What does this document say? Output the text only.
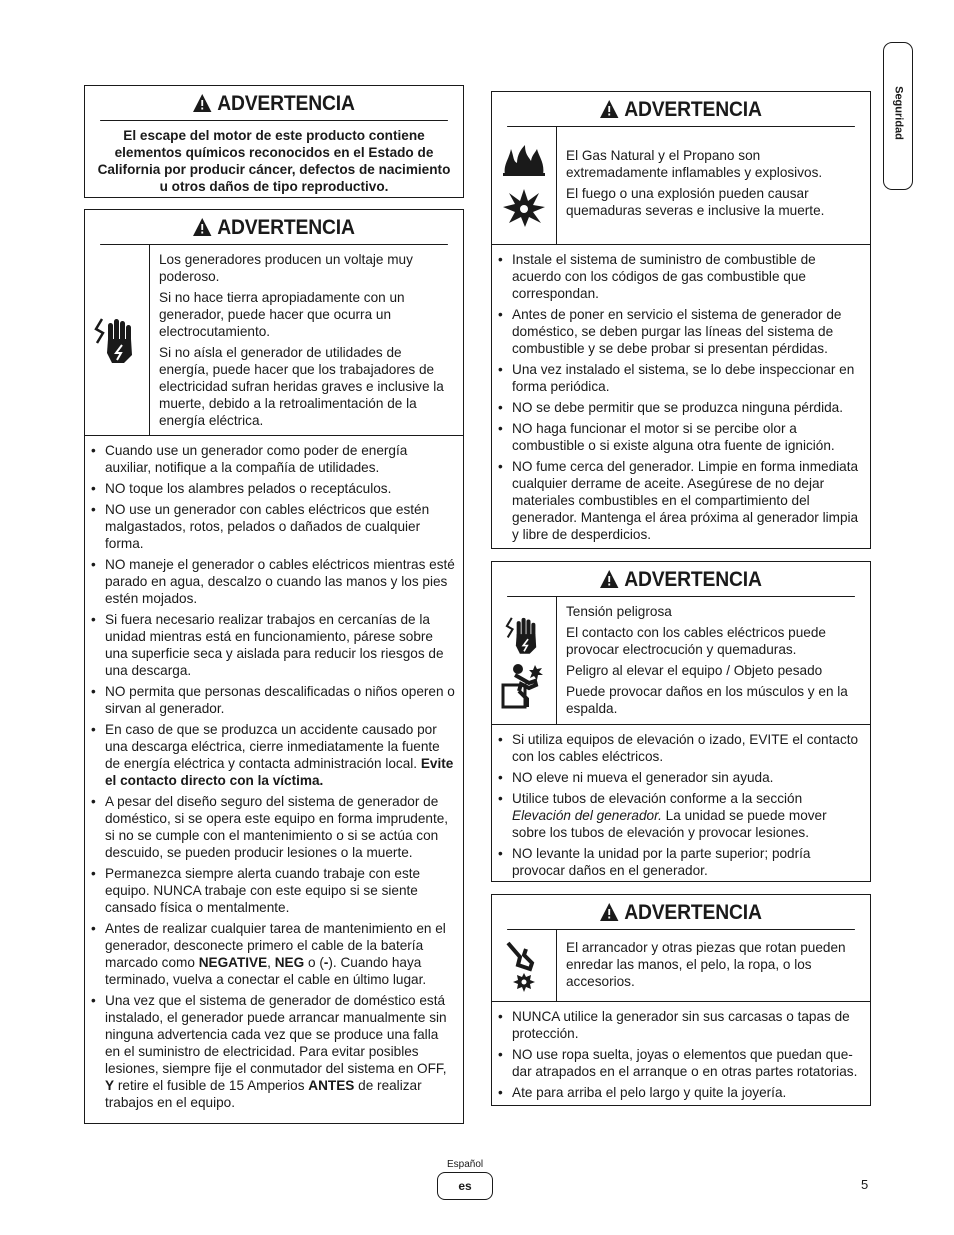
Seguridad
ADVERTENCIA
El escape del motor de este producto contiene elementos químicos reconocidos en el Estado de California por producir cáncer, defectos de nacimiento u otros daños de tipo reproductivo.
ADVERTENCIA

Los generadores producen un voltaje muy poderoso.

Si no hace tierra apropiadamente con un generador, puede hacer que ocurra un electrocutamiento.

Si no aísla el generador de utilidades de energía, puede hacer que los trabajadores de electricidad sufran heridas graves e inclusive la muerte, debido a la retroalimentación de la energía eléctrica.

• Cuando use un generador como poder de energía auxiliar, notifique a la compañía de utilidades.
• NO toque los alambres pelados o receptáculos.
• NO use un generador con cables eléctricos que estén malgastados, rotos, pelados o dañados de cualquier forma.
• NO maneje el generador o cables eléctricos mientras esté parado en agua, descalzo o cuando las manos y los pies estén mojados.
• Si fuera necesario realizar trabajos en cercanías de la unidad mientras está en funcionamiento, párese sobre una superficie seca y aislada para reducir los riesgos de una descarga.
• NO permita que personas descalificadas o niños operen o sirvan al generador.
• En caso de que se produzca un accidente causado por una descarga eléctrica, cierre inmediatamente la fuente de energía eléctrica y contacta administración local. Evite el contacto directo con la víctima.
• A pesar del diseño seguro del sistema de generador de doméstico, si se opera este equipo en forma imprudente, si no se cumple con el mantenimiento o si se actúa con descuido, se pueden producir lesiones o la muerte.
• Permanezca siempre alerta cuando trabaje con este equipo. NUNCA trabaje con este equipo si se siente cansado física o mentalmente.
• Antes de realizar cualquier tarea de mantenimiento en el generador, desconecte primero el cable de la batería marcado como NEGATIVE, NEG o (-). Cuando haya terminado, vuelva a conectar el cable en último lugar.
• Una vez que el sistema de generador de doméstico está instalado, el generador puede arrancar manualmente sin ninguna advertencia cada vez que se produce una falla en el suministro de electricidad. Para evitar posibles lesiones, siempre fije el conmutador del sistema en OFF, Y retire el fusible de 15 Amperios ANTES de realizar trabajos en el equipo.
ADVERTENCIA

El Gas Natural y el Propano son extremadamente inflamables y explosivos.

El fuego o una explosión pueden causar quemaduras severas e inclusive la muerte.

• Instale el sistema de suministro de combustible de acuerdo con los códigos de gas combustible que correspondan.
• Antes de poner en servicio el sistema de generador de doméstico, se deben purgar las líneas del sistema de combustible y se debe probar si presentan pérdidas.
• Una vez instalado el sistema, se lo debe inspeccionar en forma periódica.
• NO se debe permitir que se produzca ninguna pérdida.
• NO haga funcionar el motor si se percibe olor a combustible o si existe alguna otra fuente de ignición.
• NO fume cerca del generador. Limpie en forma inmediata cualquier derrame de aceite. Asegúrese de no dejar materiales combustibles en el compartimiento del generador. Mantenga el área próxima al generador limpia y libre de desperdicios.
ADVERTENCIA

Tensión peligrosa

El contacto con los cables eléctricos puede provocar electrocución y quemaduras.

Peligro al elevar el equipo / Objeto pesado

Puede provocar daños en los músculos y en la espalda.

• Si utiliza equipos de elevación o izado, EVITE el contacto con los cables eléctricos.
• NO eleve ni mueva el generador sin ayuda.
• Utilice tubos de elevación conforme a la sección Elevación del generador. La unidad se puede mover sobre los tubos de elevación y provocar lesiones.
• NO levante la unidad por la parte superior; podría provocar daños en el generador.
ADVERTENCIA

El arrancador y otras piezas que rotan pueden enredar las manos, el pelo, la ropa, o los accesorios.

• NUNCA utilice la generador sin sus carcasas o tapas de protección.
• NO use ropa suelta, joyas o elementos que puedan que-dar atrapados en el arranque o en otras partes rotatorias.
• Ate para arriba el pelo largo y quite la joyería.
Español
es	5
